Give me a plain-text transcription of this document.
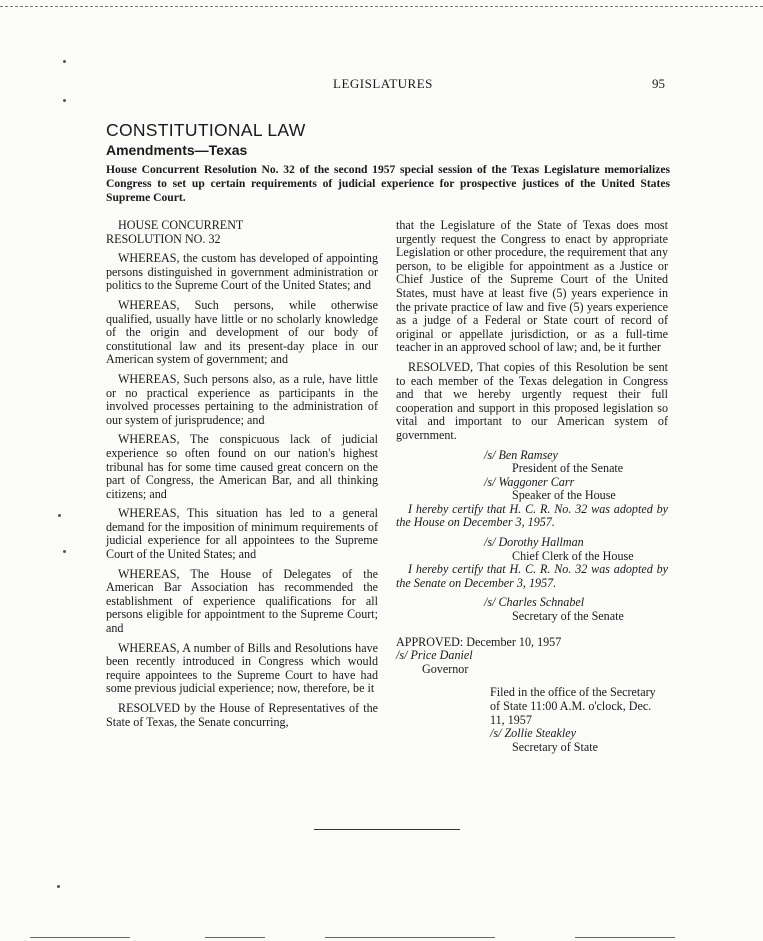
LEGISLATURES	95
CONSTITUTIONAL LAW
Amendments—Texas
House Concurrent Resolution No. 32 of the second 1957 special session of the Texas Legislature memorializes Congress to set up certain requirements of judicial experience for prospective justices of the United States Supreme Court.

HOUSE CONCURRENT
RESOLUTION NO. 32

WHEREAS, the custom has developed of appointing persons distinguished in government administration or politics to the Supreme Court of the United States; and

WHEREAS, Such persons, while otherwise qualified, usually have little or no scholarly knowledge of the origin and development of our body of constitutional law and its present-day place in our American system of government; and

WHEREAS, Such persons also, as a rule, have little or no practical experience as participants in the involved processes pertaining to the administration of our system of jurisprudence; and

WHEREAS, The conspicuous lack of judicial experience so often found on our nation's highest tribunal has for some time caused great concern on the part of Congress, the American Bar, and all thinking citizens; and

WHEREAS, This situation has led to a general demand for the imposition of minimum requirements of judicial experience for all appointees to the Supreme Court of the United States; and

WHEREAS, The House of Delegates of the American Bar Association has recommended the establishment of experience qualifications for all persons eligible for appointment to the Supreme Court; and

WHEREAS, A number of Bills and Resolutions have been recently introduced in Congress which would require appointees to the Supreme Court to have had some previous judicial experience; now, therefore, be it

RESOLVED by the House of Representatives of the State of Texas, the Senate concurring,

that the Legislature of the State of Texas does most urgently request the Congress to enact by appropriate Legislation or other procedure, the requirement that any person, to be eligible for appointment as a Justice or Chief Justice of the Supreme Court of the United States, must have at least five (5) years experience in the private practice of law and five (5) years experience as a judge of a Federal or State court of record of original or appellate jurisdiction, or as a full-time teacher in an approved school of law; and, be it further

RESOLVED, That copies of this Resolution be sent to each member of the Texas delegation in Congress and that we hereby urgently request their full cooperation and support in this proposed legislation so vital and important to our American system of government.

/s/ Ben Ramsey
President of the Senate
/s/ Waggoner Carr
Speaker of the House

I hereby certify that H. C. R. No. 32 was adopted by the House on December 3, 1957.

/s/ Dorothy Hallman
Chief Clerk of the House

I hereby certify that H. C. R. No. 32 was adopted by the Senate on December 3, 1957.

/s/ Charles Schnabel
Secretary of the Senate
APPROVED: December 10, 1957
/s/ Price Daniel
Governor
Filed in the office of the Secretary of State 11:00 A.M. o'clock, Dec. 11, 1957
/s/ Zollie Steakley
Secretary of State
